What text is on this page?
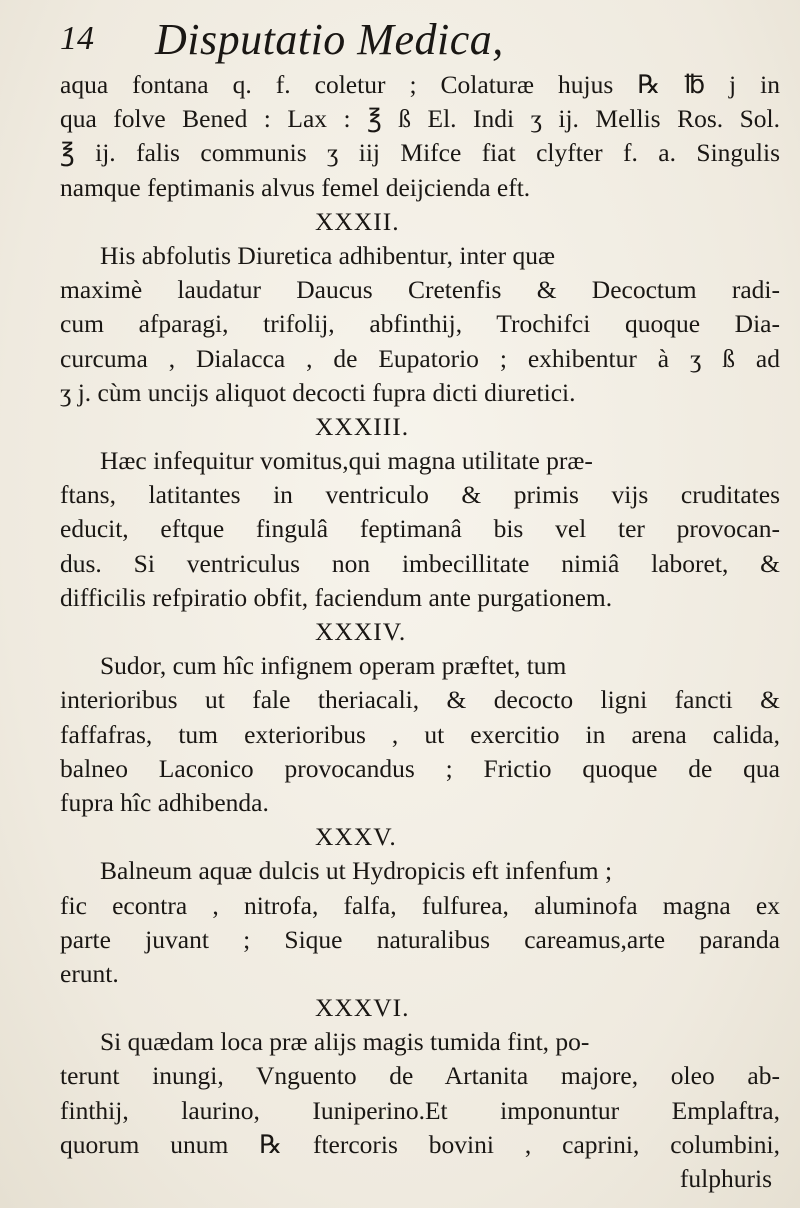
14 Disputatio Medica,
aqua fontana q. f. coletur ; Colaturæ hujus ℞ ℔ j in
qua folve Bened : Lax : ℥ ß El. Indi ʒ ij. Mellis Ros. Sol.
℥ ij. falis communis ʒ iij Mifce fiat clyfter f. a. Singulis
namque feptimanis alvus femel deijcienda eft.
XXXII.
His abfolutis Diuretica adhibentur, inter quæ
maximè laudatur Daucus Cretenfis & Decoctum radi-
cum afparagi, trifolij, abfinthij, Trochifci quoque Dia-
curcuma , Dialacca , de Eupatorio ; exhibentur à ʒ ß ad
ʒ j. cùm uncijs aliquot decocti fupra dicti diuretici.
XXXIII.
Hæc infequitur vomitus,qui magna utilitate præ-
ftans, latitantes in ventriculo & primis vijs cruditates
educit, eftque fingulâ feptimanâ bis vel ter provocan-
dus. Si ventriculus non imbecillitate nimiâ laboret, &
difficilis refpiratio obfit, faciendum ante purgationem.
XXXIV.
Sudor, cum hîc infignem operam præftet, tum
interioribus ut fale theriacali, & decocto ligni fancti &
faffafras, tum exterioribus , ut exercitio in arena calida,
balneo Laconico provocandus ; Frictio quoque de qua
fupra hîc adhibenda.
XXXV.
Balneum aquæ dulcis ut Hydropicis eft infenfum ;
fic econtra , nitrofa, falfa, fulfurea, aluminofa magna ex
parte juvant ; Sique naturalibus careamus,arte paranda
erunt.
XXXVI.
Si quædam loca præ alijs magis tumida fint, po-
terunt inungi, Vnguento de Artanita majore, oleo ab-
finthij, laurino, Iuniperino.Et imponuntur Emplaftra,
quorum unum ℞ ftercoris bovini , caprini, columbini,
fulphuris
